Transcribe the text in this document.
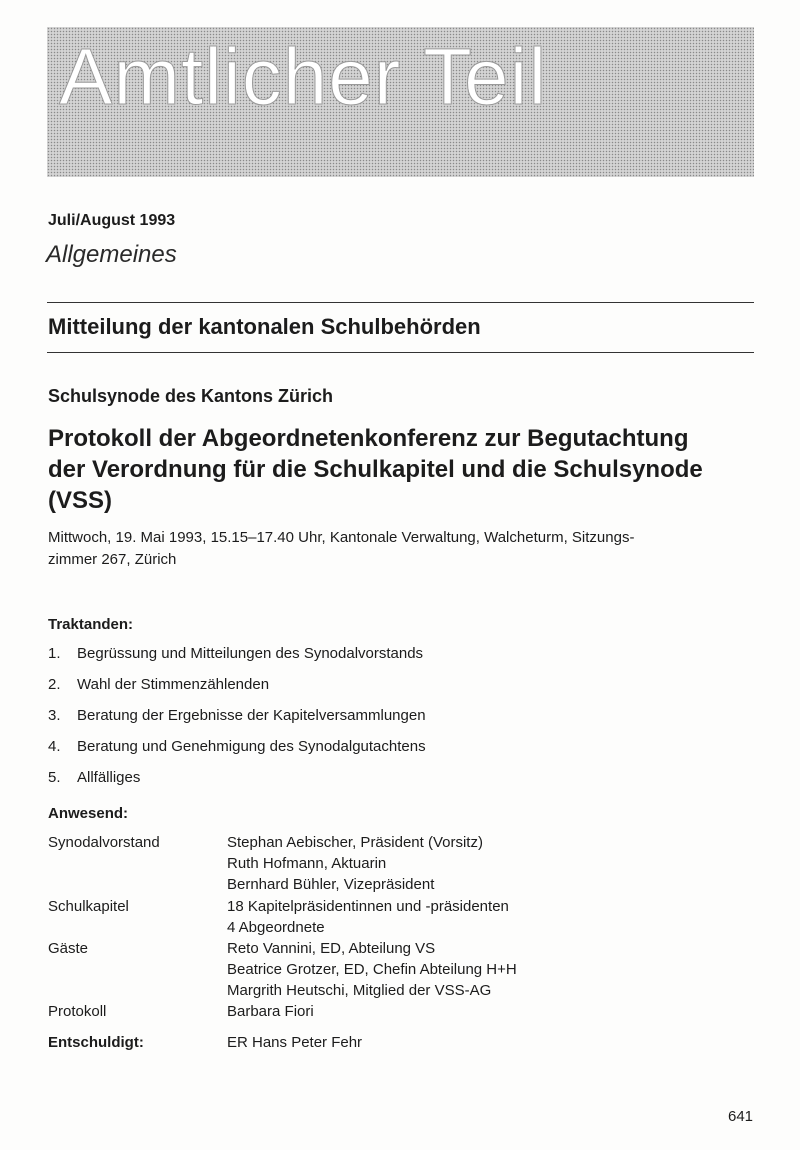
Amtlicher Teil
Juli/August 1993
Allgemeines
Mitteilung der kantonalen Schulbehörden
Schulsynode des Kantons Zürich
Protokoll der Abgeordnetenkonferenz zur Begutachtung
der Verordnung für die Schulkapitel und die Schulsynode
(VSS)
Mittwoch, 19. Mai 1993, 15.15–17.40 Uhr, Kantonale Verwaltung, Walcheturm, Sitzungs-
zimmer 267, Zürich
Traktanden:
1. Begrüssung und Mitteilungen des Synodalvorstands
2. Wahl der Stimmenzählenden
3. Beratung der Ergebnisse der Kapitelversammlungen
4. Beratung und Genehmigung des Synodalgutachtens
5. Allfälliges
Anwesend:
Synodalvorstand	Stephan Aebischer, Präsident (Vorsitz)
Ruth Hofmann, Aktuarin
Bernhard Bühler, Vizepräsident
Schulkapitel	18 Kapitelpräsidentinnen und -präsidenten
4 Abgeordnete
Gäste	Reto Vannini, ED, Abteilung VS
Beatrice Grotzer, ED, Chefin Abteilung H+H
Margrith Heutschi, Mitglied der VSS-AG
Protokoll	Barbara Fiori
Entschuldigt:	ER Hans Peter Fehr
641
